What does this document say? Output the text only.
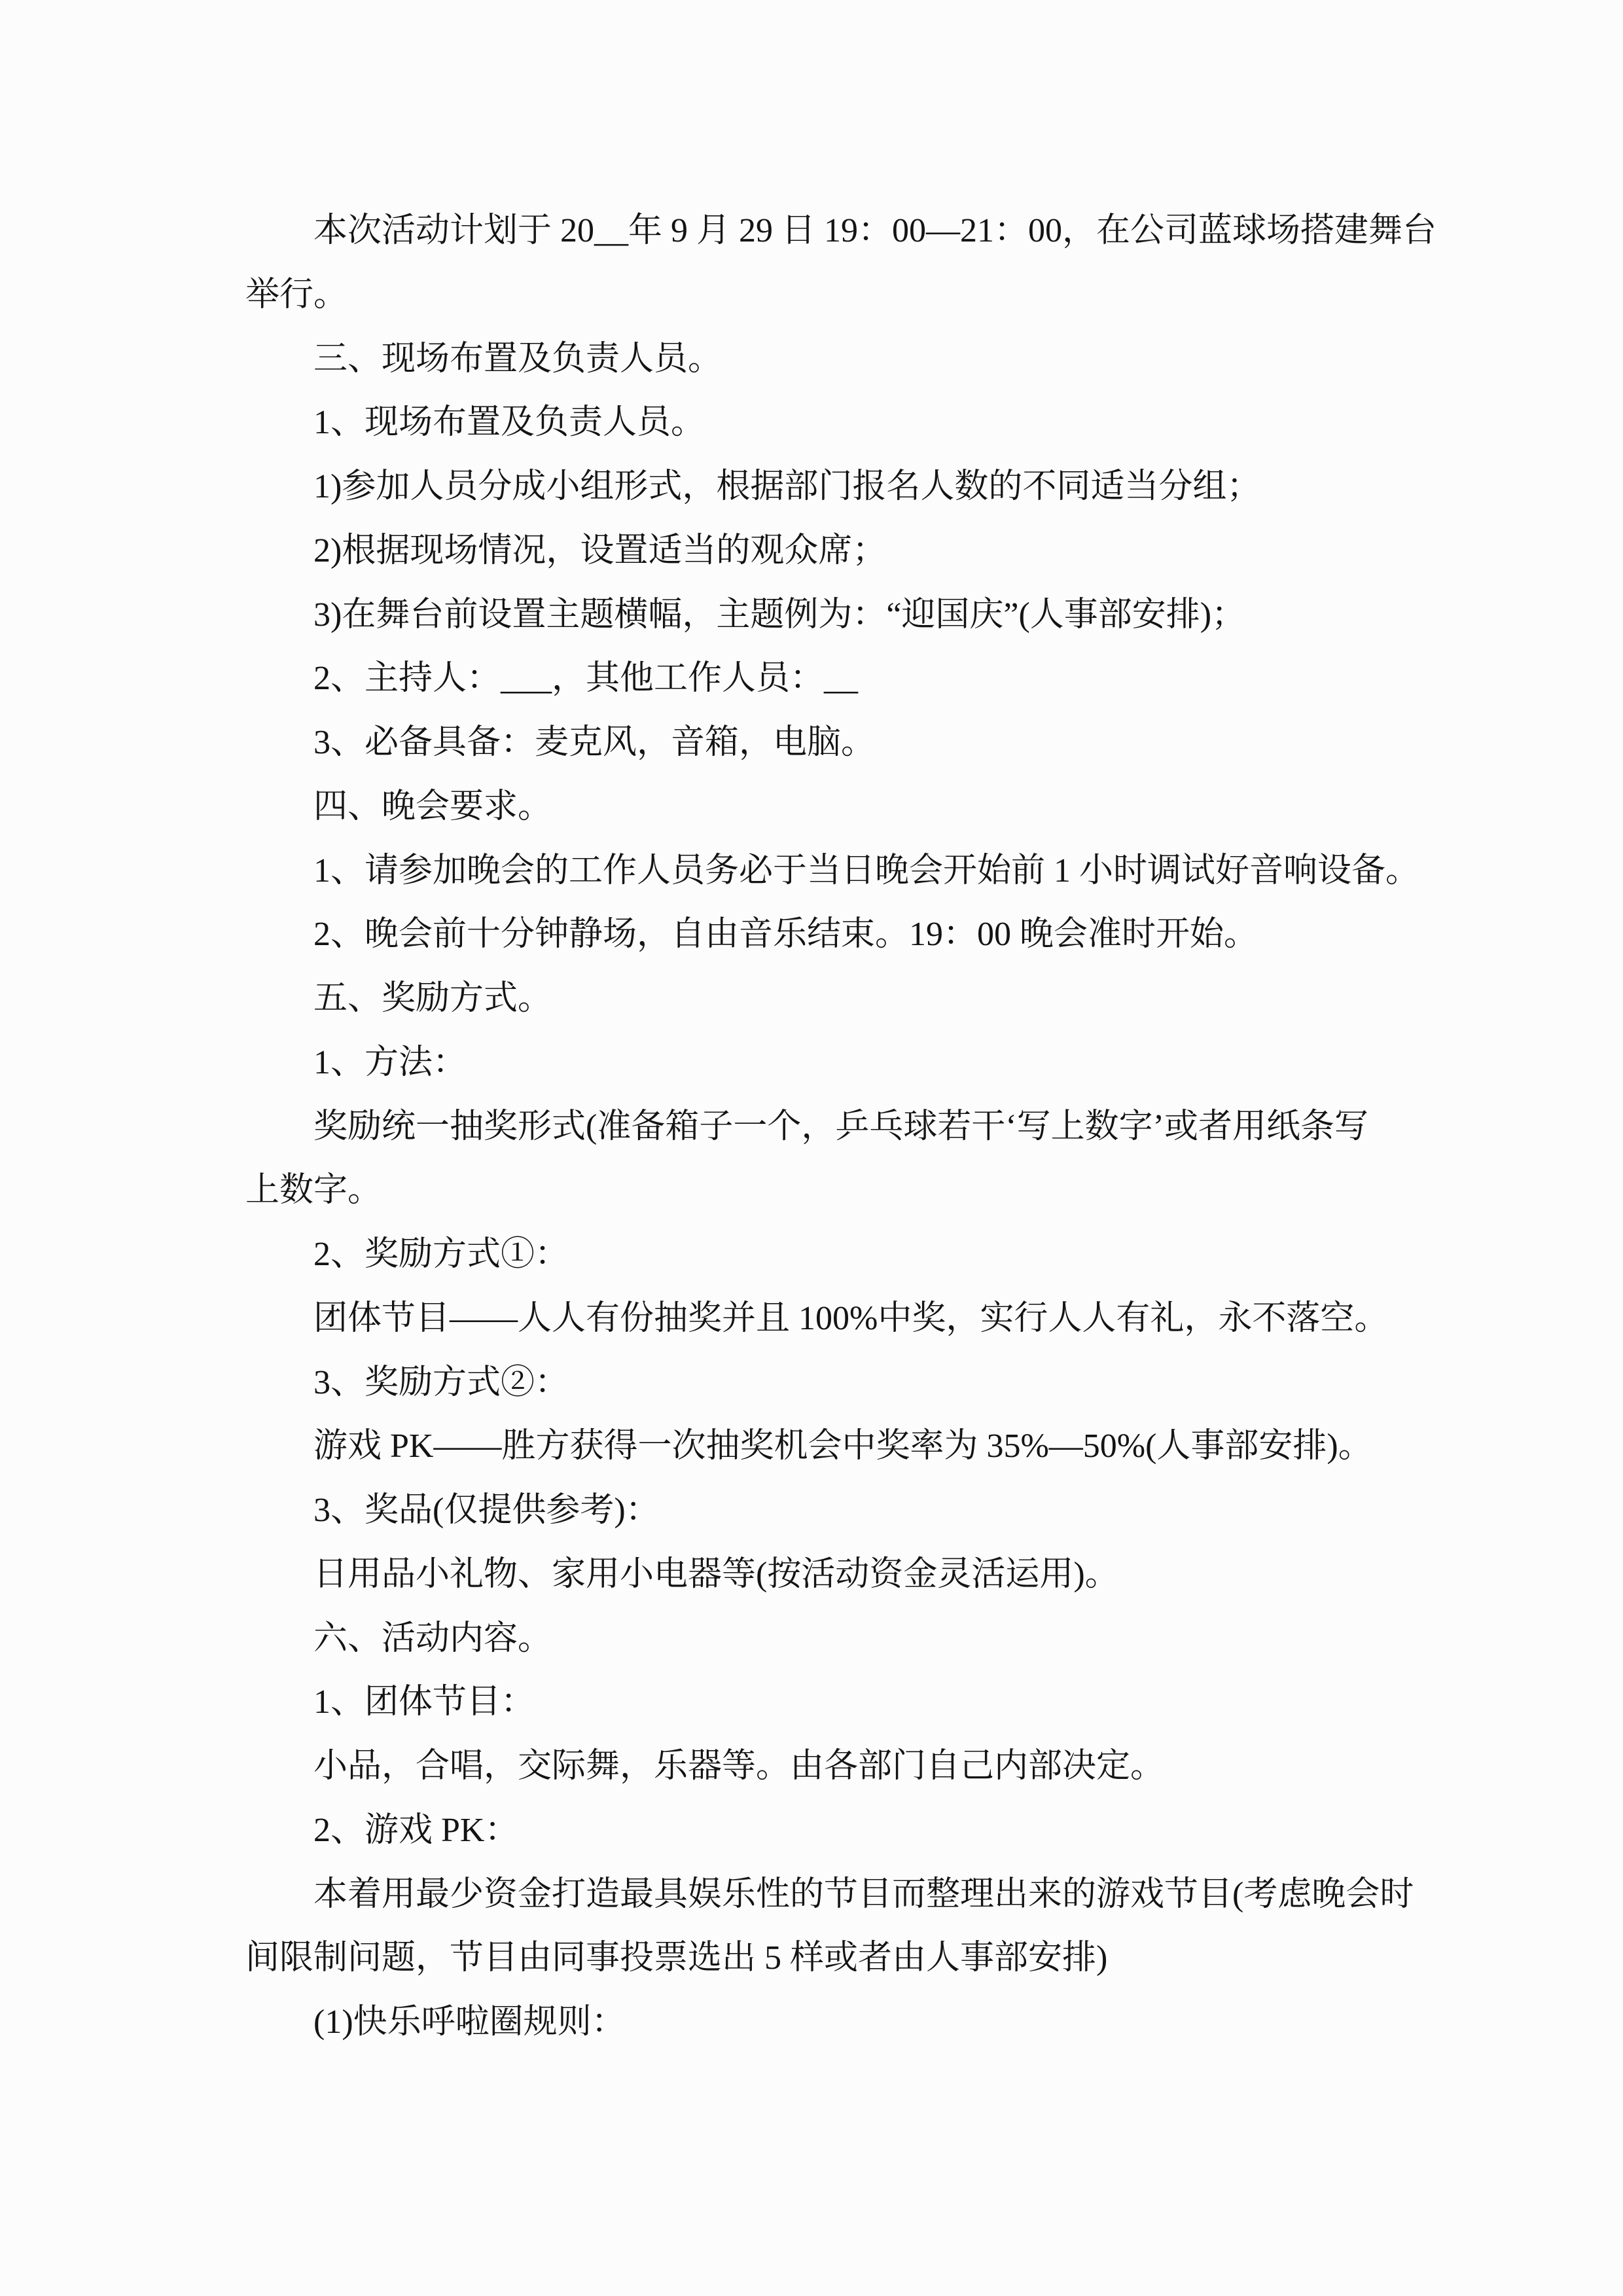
本次活动计划于 20__年 9 月 29 日 19：00—21：00，在公司蓝球场搭建舞台
举行。
三、现场布置及负责人员。
1、现场布置及负责人员。
1)参加人员分成小组形式，根据部门报名人数的不同适当分组；
2)根据现场情况，设置适当的观众席；
3)在舞台前设置主题横幅，主题例为：“迎国庆”(人事部安排)；
2、主持人：___，其他工作人员：__
3、必备具备：麦克风，音箱，电脑。
四、晚会要求。
1、请参加晚会的工作人员务必于当日晚会开始前 1 小时调试好音响设备。
2、晚会前十分钟静场，自由音乐结束。19：00 晚会准时开始。
五、奖励方式。
1、方法：
奖励统一抽奖形式(准备箱子一个，乒乓球若干‘写上数字’或者用纸条写
上数字。
2、奖励方式①：
团体节目——人人有份抽奖并且 100%中奖，实行人人有礼，永不落空。
3、奖励方式②：
游戏 PK——胜方获得一次抽奖机会中奖率为 35%—50%(人事部安排)。
3、奖品(仅提供参考)：
日用品小礼物、家用小电器等(按活动资金灵活运用)。
六、活动内容。
1、团体节目：
小品，合唱，交际舞，乐器等。由各部门自己内部决定。
2、游戏 PK：
本着用最少资金打造最具娱乐性的节目而整理出来的游戏节目(考虑晚会时
间限制问题，节目由同事投票选出 5 样或者由人事部安排)
(1)快乐呼啦圈规则：
